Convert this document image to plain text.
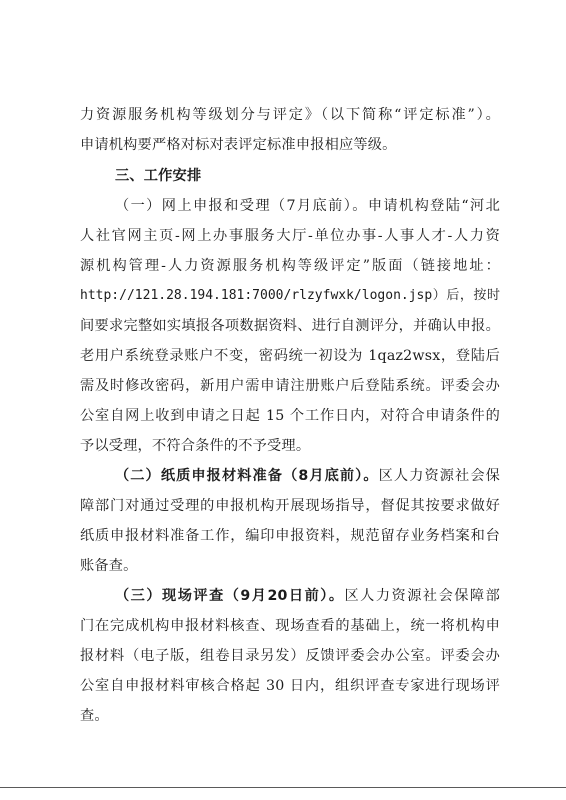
力资源服务机构等级划分与评定》（以下简称“评定标准”）。
申请机构要严格对标对表评定标准申报相应等级。
三、工作安排
（一）网上申报和受理（7月底前）。申请机构登陆“河北
人社官网主页-网上办事服务大厅-单位办事-人事人才-人力资
源机构管理-人力资源服务机构等级评定”版面（链接地址：
http://121.28.194.181:7000/rlzyfwxk/logon.jsp）后，按时
间要求完整如实填报各项数据资料、进行自测评分，并确认申报。
老用户系统登录账户不变，密码统一初设为 1qaz2wsx，登陆后
需及时修改密码，新用户需申请注册账户后登陆系统。评委会办
公室自网上收到申请之日起 15 个工作日内，对符合申请条件的
予以受理，不符合条件的不予受理。
（二）纸质申报材料准备（8月底前）。区人力资源社会保
障部门对通过受理的申报机构开展现场指导，督促其按要求做好
纸质申报材料准备工作，编印申报资料，规范留存业务档案和台
账备查。
（三）现场评查（9月20日前）。区人力资源社会保障部
门在完成机构申报材料核查、现场查看的基础上，统一将机构申
报材料（电子版，组卷目录另发）反馈评委会办公室。评委会办
公室自申报材料审核合格起 30 日内，组织评查专家进行现场评
查。
